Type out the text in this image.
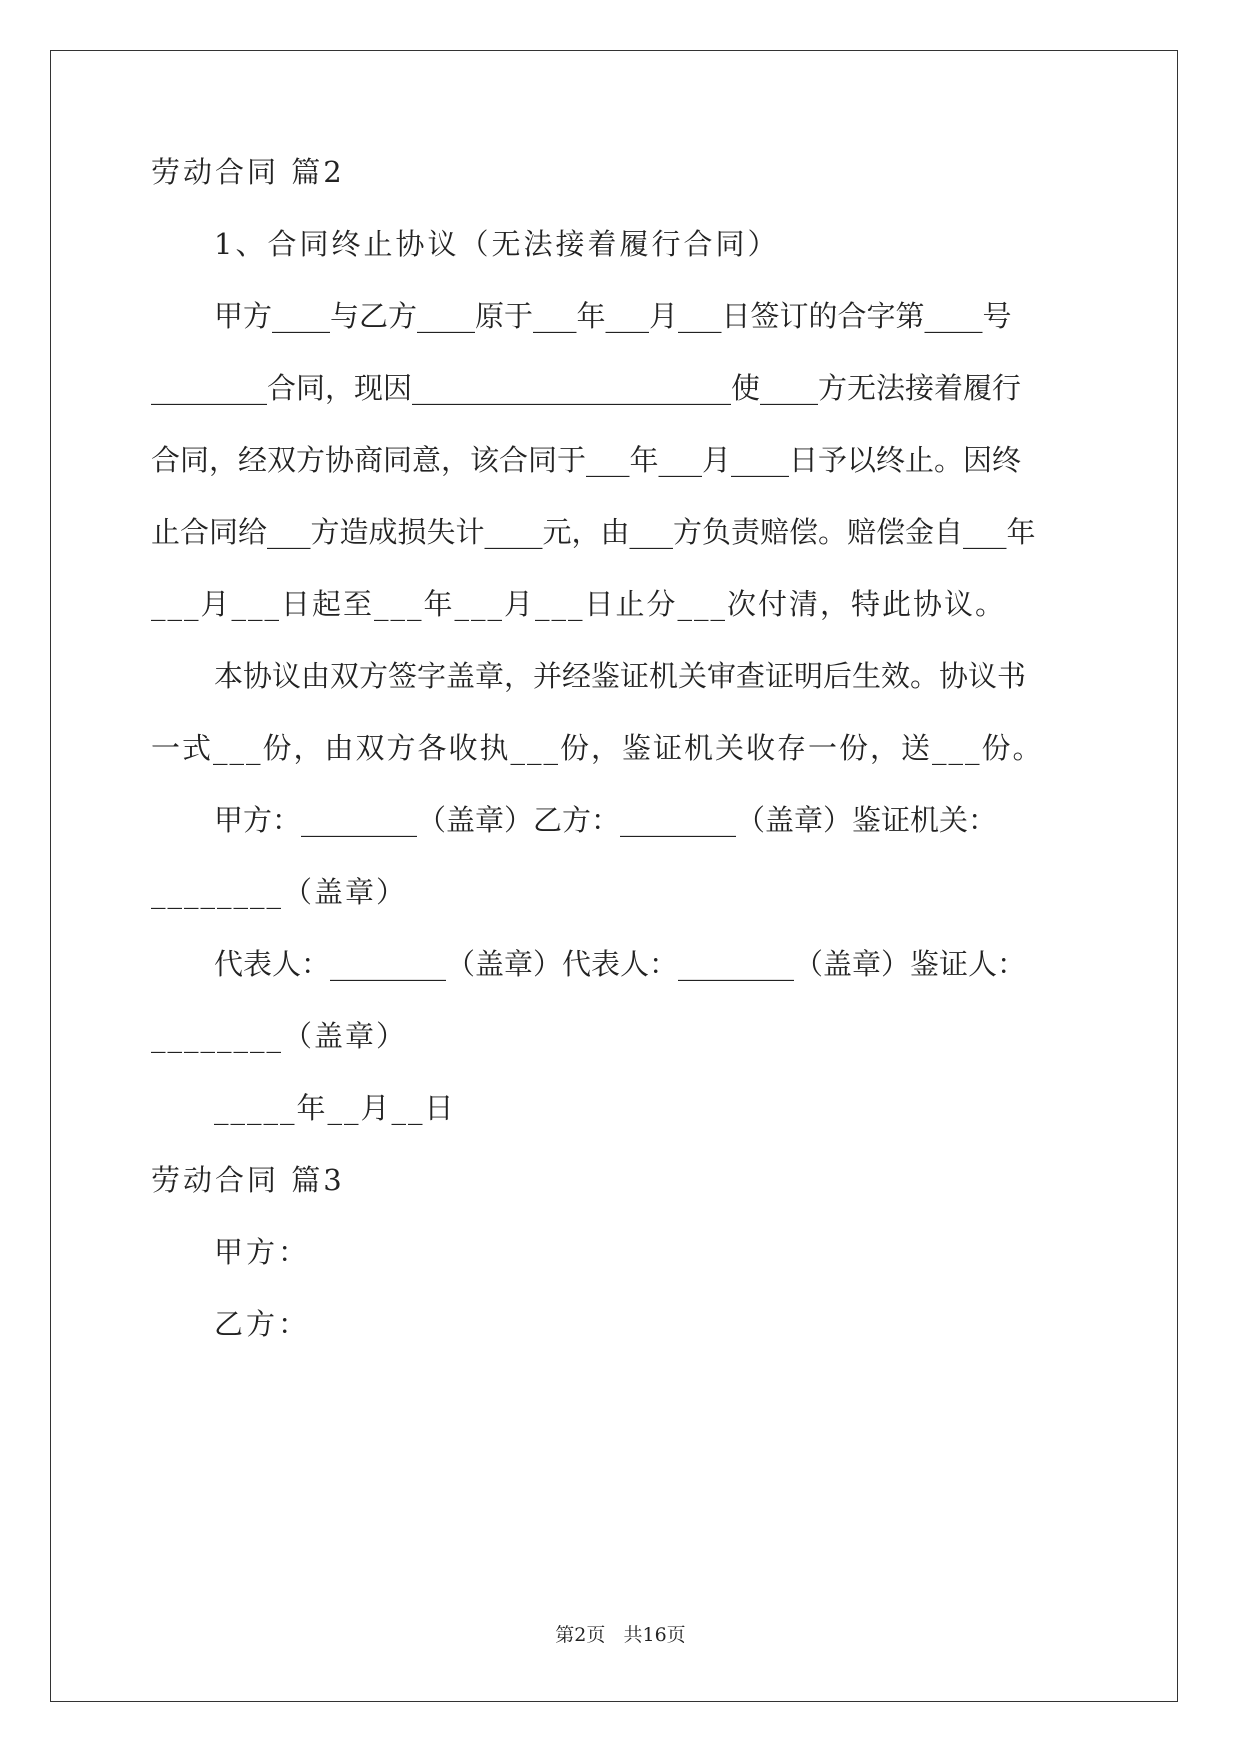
劳动合同 篇2
1、合同终止协议（无法接着履行合同）
甲方____与乙方____原于___年___月___日签订的合字第____号
________合同，现因______________________使____方无法接着履行
合同，经双方协商同意，该合同于___年___月____日予以终止。因终
止合同给___方造成损失计____元，由___方负责赔偿。赔偿金自___年
___月___日起至___年___月___日止分___次付清，特此协议。
本协议由双方签字盖章，并经鉴证机关审查证明后生效。协议书
一式___份，由双方各收执___份，鉴证机关收存一份，送___份。
甲方：________（盖章）乙方：________（盖章）鉴证机关：
________（盖章）
代表人：________（盖章）代表人：________（盖章）鉴证人：
________（盖章）
_____年__月__日
劳动合同 篇3
甲方：
乙方：
第2页   共16页
